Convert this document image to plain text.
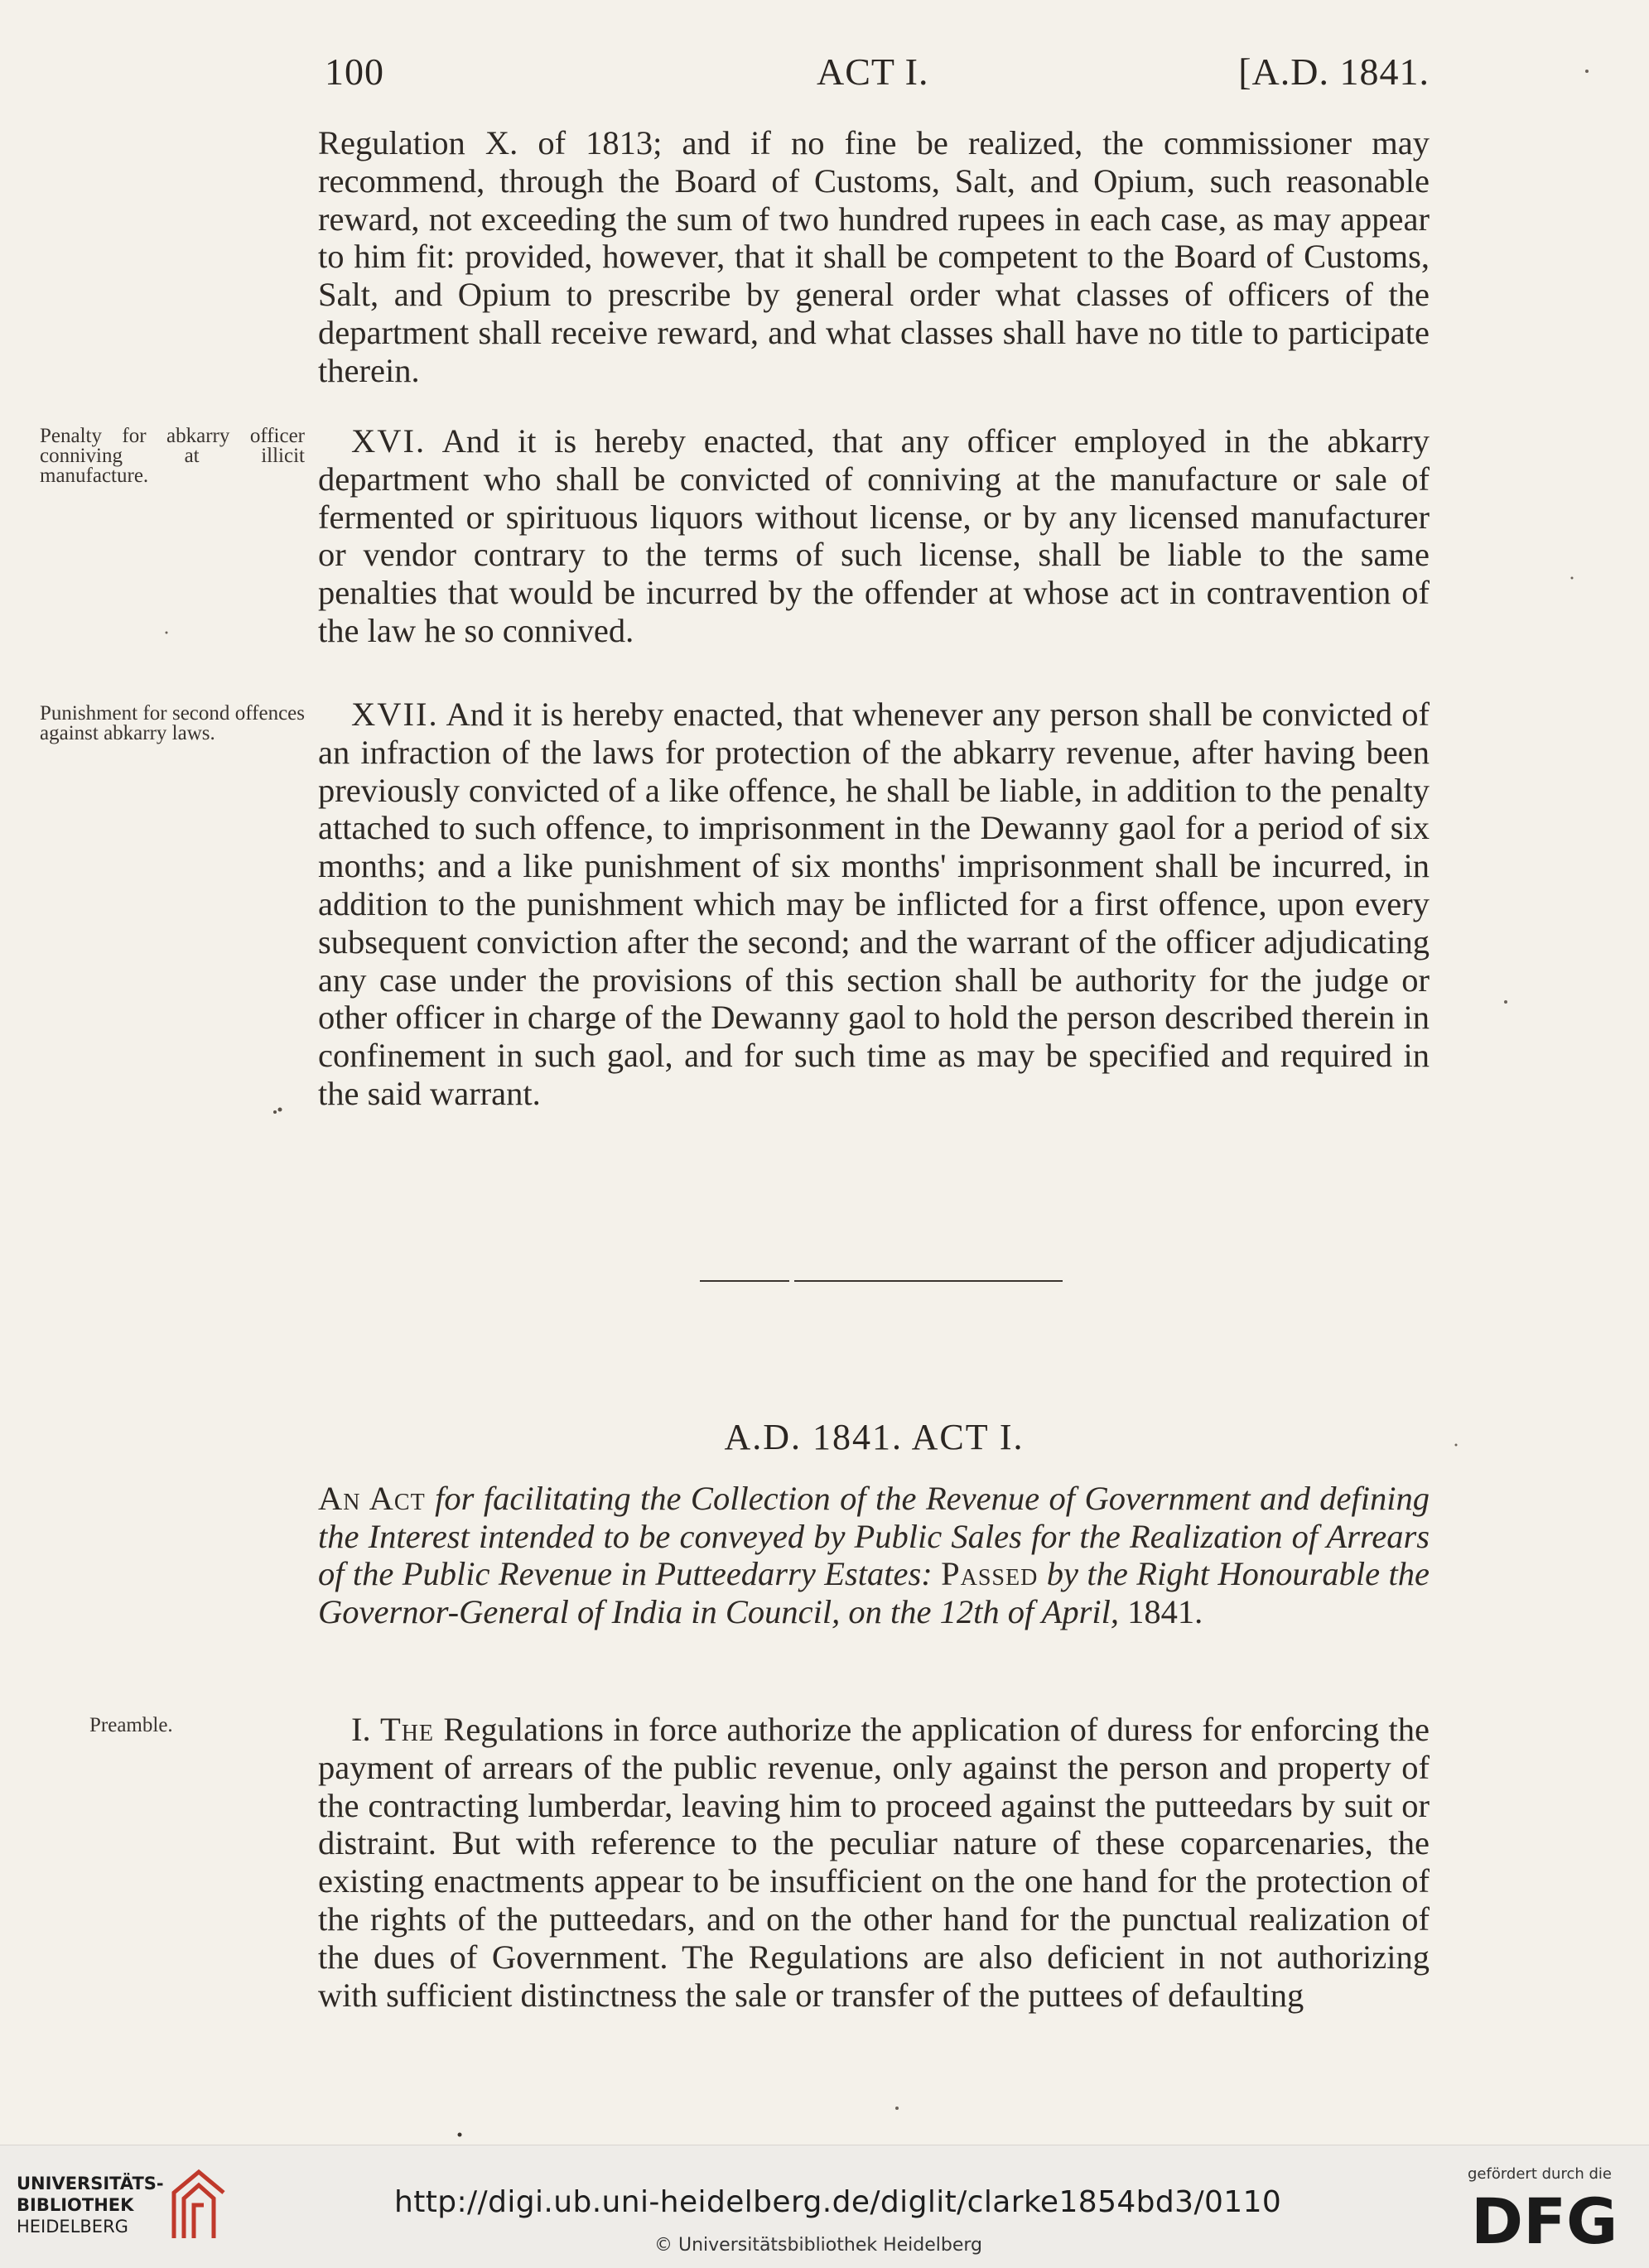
100	ACT I.	[A.D. 1841.

Regulation X. of 1813; and if no fine be realized, the commissioner may recommend, through the Board of Customs, Salt, and Opium, such reasonable reward, not exceeding the sum of two hundred rupees in each case, as may appear to him fit: provided, however, that it shall be competent to the Board of Customs, Salt, and Opium to prescribe by general order what classes of officers of the department shall receive reward, and what classes shall have no title to participate therein.

Penalty for abkarry officer conniving at illicit manufacture.

XVI. And it is hereby enacted, that any officer employed in the abkarry department who shall be convicted of conniving at the manufacture or sale of fermented or spirituous liquors without license, or by any licensed manufacturer or vendor contrary to the terms of such license, shall be liable to the same penalties that would be incurred by the offender at whose act in contravention of the law he so connived.

Punishment for second offences against abkarry laws.

XVII. And it is hereby enacted, that whenever any person shall be convicted of an infraction of the laws for protection of the abkarry revenue, after having been previously convicted of a like offence, he shall be liable, in addition to the penalty attached to such offence, to imprisonment in the Dewanny gaol for a period of six months; and a like punishment of six months' imprisonment shall be incurred, in addition to the punishment which may be inflicted for a first offence, upon every subsequent conviction after the second; and the warrant of the officer adjudicating any case under the provisions of this section shall be authority for the judge or other officer in charge of the Dewanny gaol to hold the person described therein in confinement in such gaol, and for such time as may be specified and required in the said warrant.

A.D. 1841. ACT I.

An Act for facilitating the Collection of the Revenue of Government and defining the Interest intended to be conveyed by Public Sales for the Realization of Arrears of the Public Revenue in Putteedarry Estates: Passed by the Right Honourable the Governor-General of India in Council, on the 12th of April, 1841.

Preamble.	I. The Regulations in force authorize the application of duress for enforcing the payment of arrears of the public revenue, only against the person and property of the contracting lumberdar, leaving him to proceed against the putteedars by suit or distraint. But with reference to the peculiar nature of these coparcenaries, the existing enactments appear to be insufficient on the one hand for the protection of the rights of the putteedars, and on the other hand for the punctual realization of the dues of Government. The Regulations are also deficient in not authorizing with sufficient distinctness the sale or transfer of the puttees of defaulting

UNIVERSITÄTS-
BIBLIOTHEK
HEIDELBERG
http://digi.ub.uni-heidelberg.de/diglit/clarke1854bd3/0110
© Universitätsbibliothek Heidelberg
gefördert durch die
DFG
